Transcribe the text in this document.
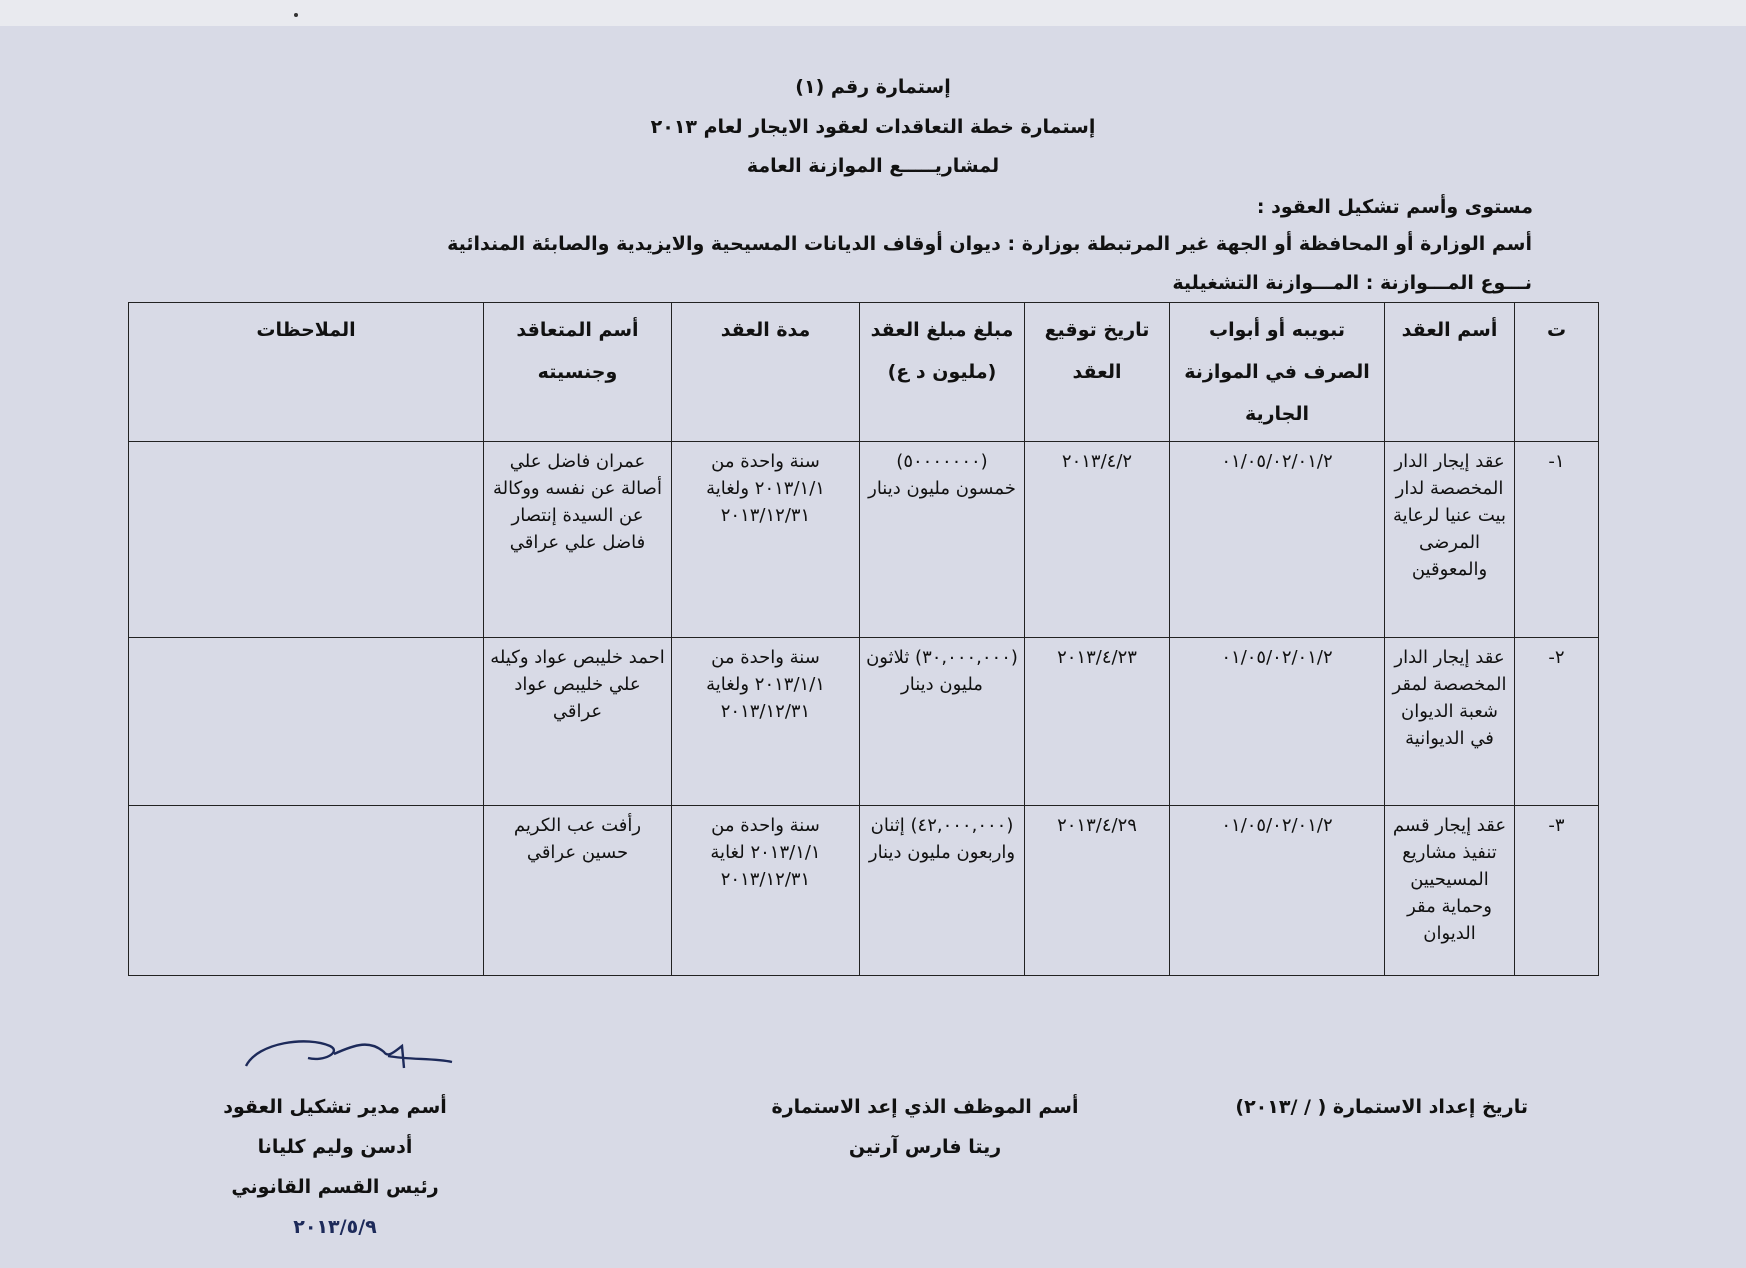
إستمارة رقم (١)
إستمارة خطة التعاقدات لعقود الايجار لعام ٢٠١٣
لمشاريـــــع الموازنة العامة
مستوى وأسم تشكيل العقود :
أسم الوزارة أو المحافظة أو الجهة غير المرتبطة بوزارة : ديوان أوقاف الديانات المسيحية والايزيدية والصابئة المندائية
نـــوع المـــوازنة : المـــوازنة التشغيلية
ت	أسم العقد	تبويبه أو أبواب الصرف في الموازنة الجارية	تاريخ توقيع العقد	مبلغ مبلغ العقد (مليون د ع)	مدة العقد	أسم المتعاقد وجنسيته	الملاحظات
١-	عقد إيجار الدار المخصصة لدار بيت عنيا لرعاية المرضى والمعوقين	٠١/٠٥/٠٢/٠١/٢	٢٠١٣/٤/٢	(٥٠٠٠٠٠٠٠) خمسون مليون دينار	سنة واحدة من ٢٠١٣/١/١ ولغاية ٢٠١٣/١٢/٣١	عمران فاضل علي أصالة عن نفسه ووكالة عن السيدة إنتصار فاضل علي عراقي	
٢-	عقد إيجار الدار المخصصة لمقر شعبة الديوان في الديوانية	٠١/٠٥/٠٢/٠١/٢	٢٠١٣/٤/٢٣	(٣٠,٠٠٠,٠٠٠) ثلاثون مليون دينار	سنة واحدة من ٢٠١٣/١/١ ولغاية ٢٠١٣/١٢/٣١	احمد خليبص عواد وكيله علي خليبص عواد عراقي	
٣-	عقد إيجار قسم تنفيذ مشاريع المسيحيين وحماية مقر الديوان	٠١/٠٥/٠٢/٠١/٢	٢٠١٣/٤/٢٩	(٤٢,٠٠٠,٠٠٠) إثنان واربعون مليون دينار	سنة واحدة من ٢٠١٣/١/١ لغاية ٢٠١٣/١٢/٣١	رأفت عب الكريم حسين عراقي	
تاريخ إعداد الاستمارة ( / /٢٠١٣)
أسم الموظف الذي إعد الاستمارة
ريتا فارس آرتين
أسم مدير تشكيل العقود
أدسن وليم كليانا
رئيس القسم القانوني
٢٠١٣/٥/٩
